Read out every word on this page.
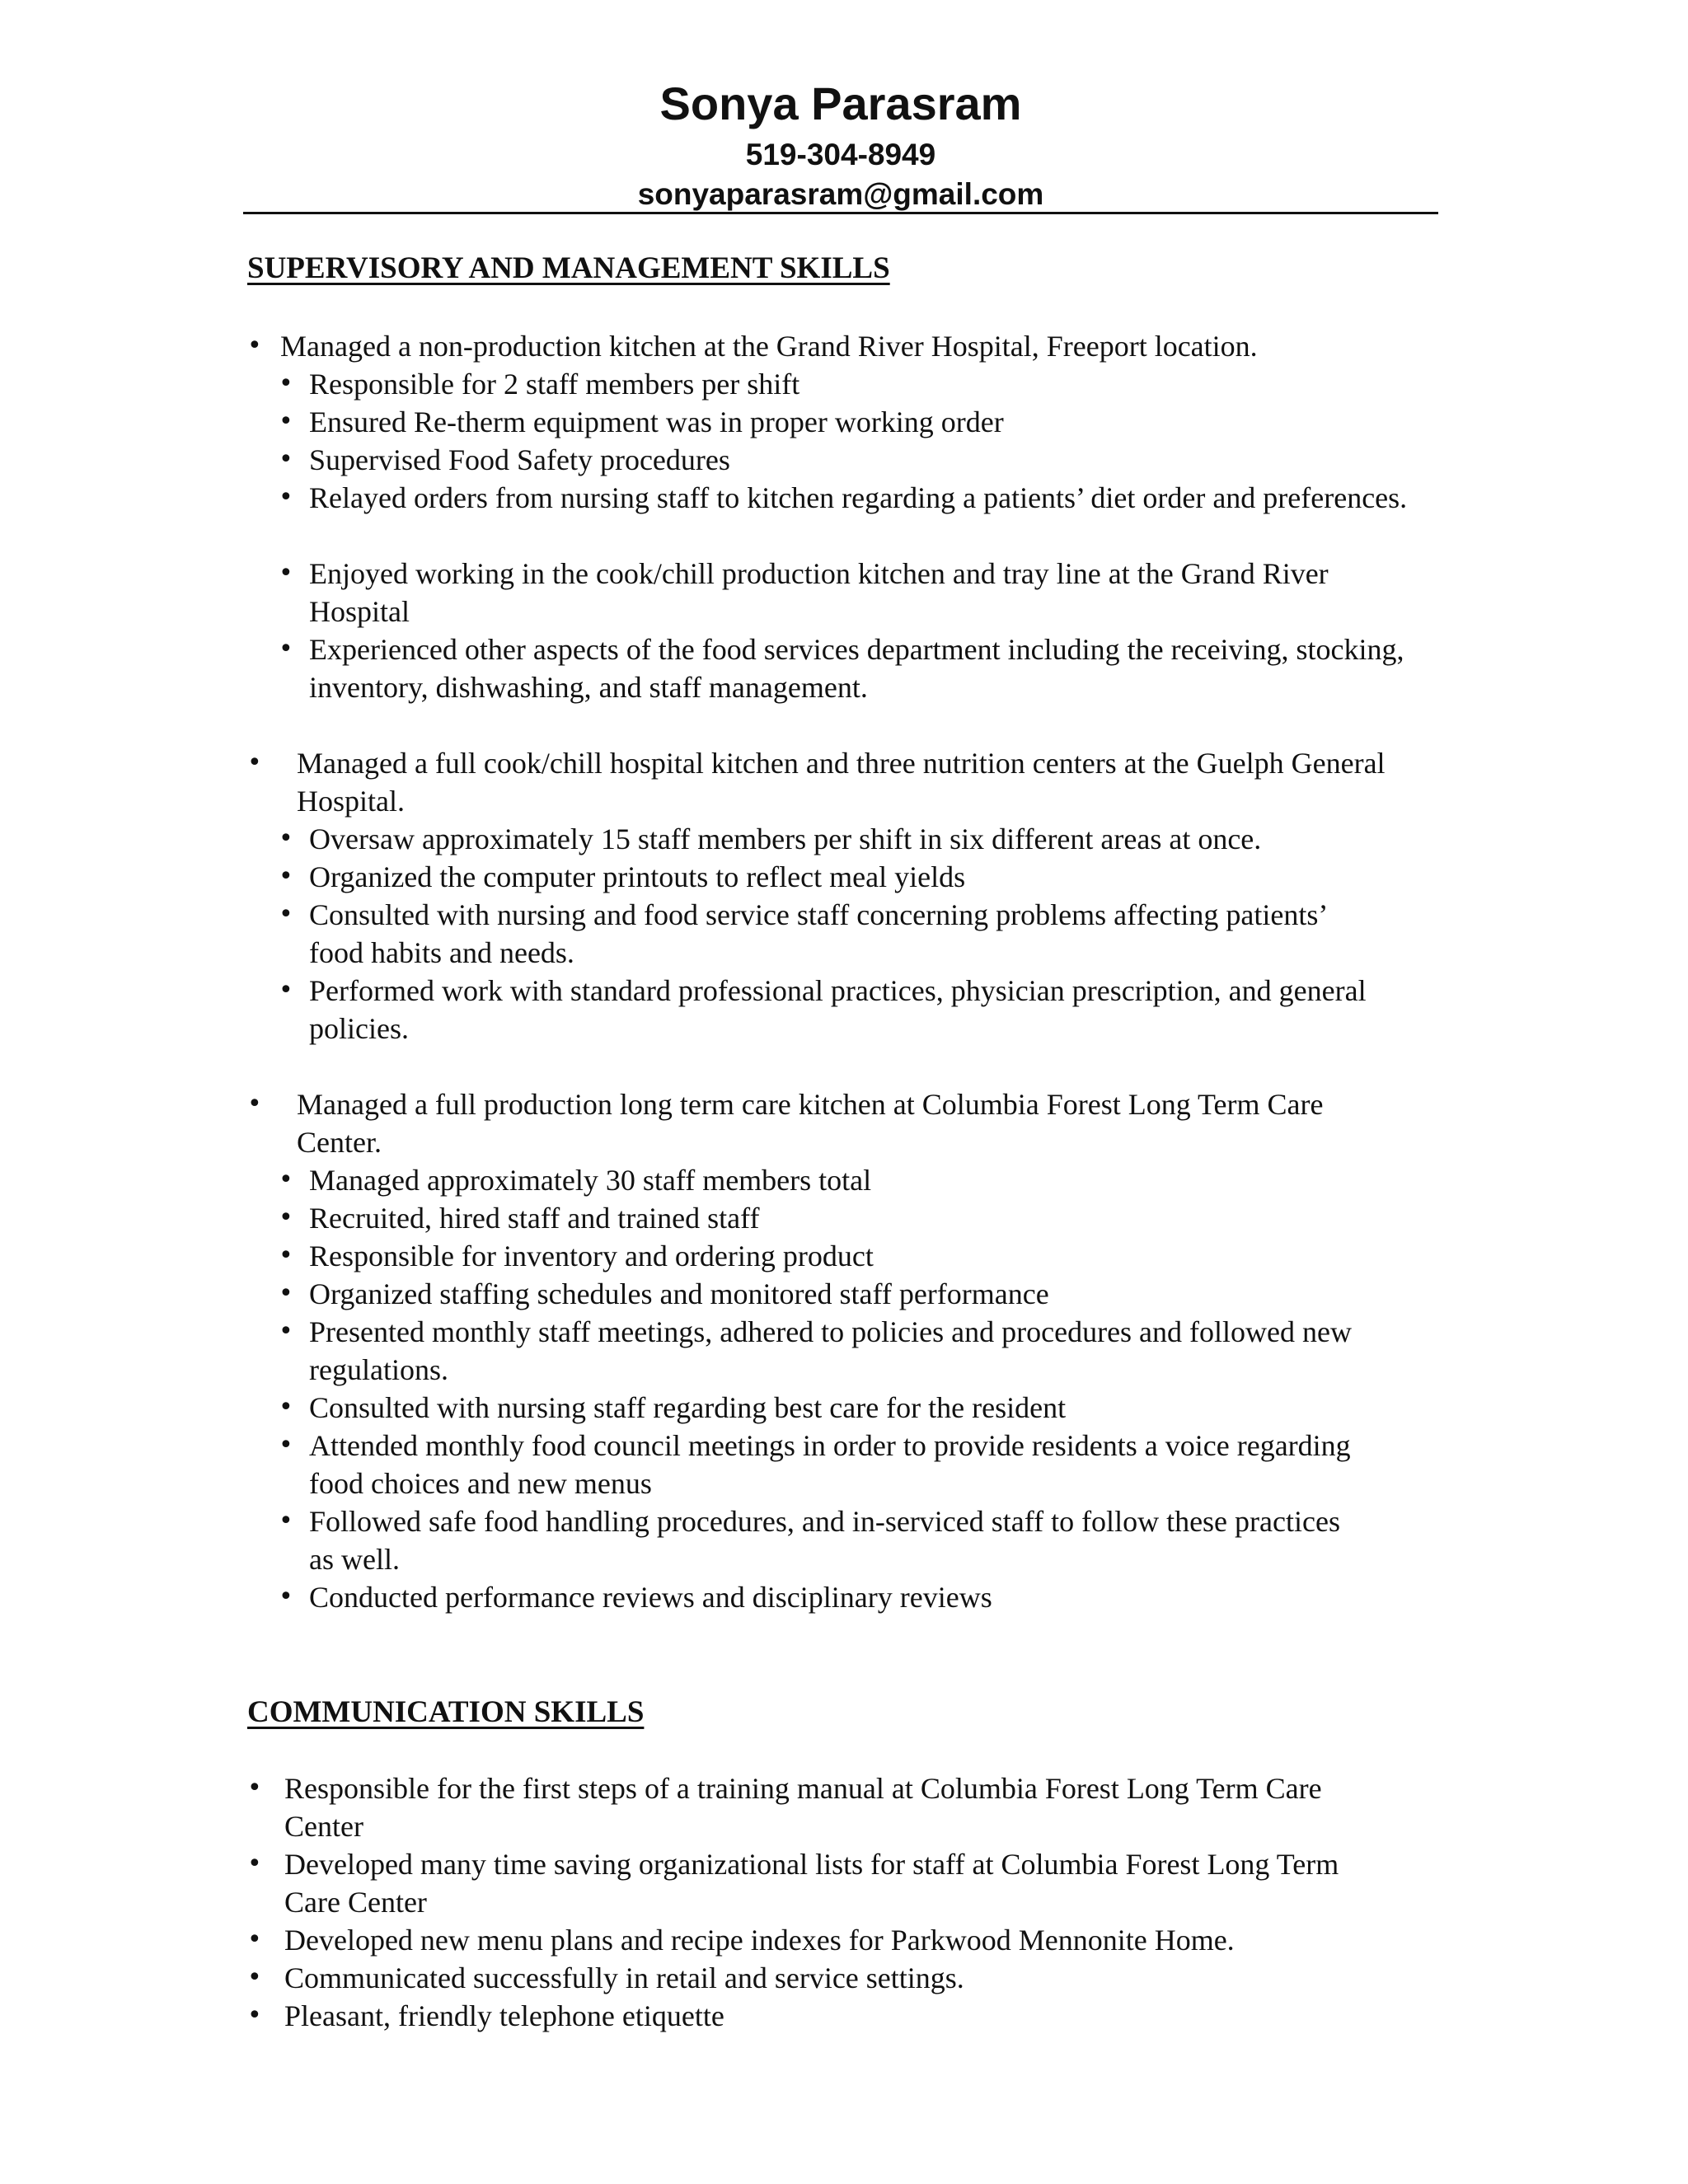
Sonya Parasram
519-304-8949
sonyaparasram@gmail.com
SUPERVISORY AND MANAGEMENT SKILLS
• Managed a non-production kitchen at the Grand River Hospital, Freeport location.
• Responsible for 2 staff members per shift
• Ensured Re-therm equipment was in proper working order
• Supervised Food Safety procedures
• Relayed orders from nursing staff to kitchen regarding a patients’ diet order and preferences.
• Enjoyed working in the cook/chill production kitchen and tray line at the Grand River Hospital
• Experienced other aspects of the food services department including the receiving, stocking, inventory, dishwashing, and staff management.
•	Managed a full cook/chill hospital kitchen and three nutrition centers at the Guelph General Hospital.
• Oversaw approximately 15 staff members per shift in six different areas at once.
• Organized the computer printouts to reflect meal yields
• Consulted with nursing and food service staff concerning problems affecting patients’ food habits and needs.
• Performed work with standard professional practices, physician prescription, and general policies.
•	Managed a full production long term care kitchen at Columbia Forest Long Term Care Center.
• Managed approximately 30 staff members total
• Recruited, hired staff and trained staff
• Responsible for inventory and ordering product
• Organized staffing schedules and monitored staff performance
• Presented monthly staff meetings, adhered to policies and procedures and followed new regulations.
• Consulted with nursing staff regarding best care for the resident
• Attended monthly food council meetings in order to provide residents a voice regarding food choices and new menus
• Followed safe food handling procedures, and in-serviced staff to follow these practices as well.
• Conducted performance reviews and disciplinary reviews
COMMUNICATION SKILLS
• Responsible for the first steps of a training manual at Columbia Forest Long Term Care Center
• Developed many time saving organizational lists for staff at Columbia Forest Long Term Care Center
• Developed new menu plans and recipe indexes for Parkwood Mennonite Home.
• Communicated successfully in retail and service settings.
• Pleasant, friendly telephone etiquette
